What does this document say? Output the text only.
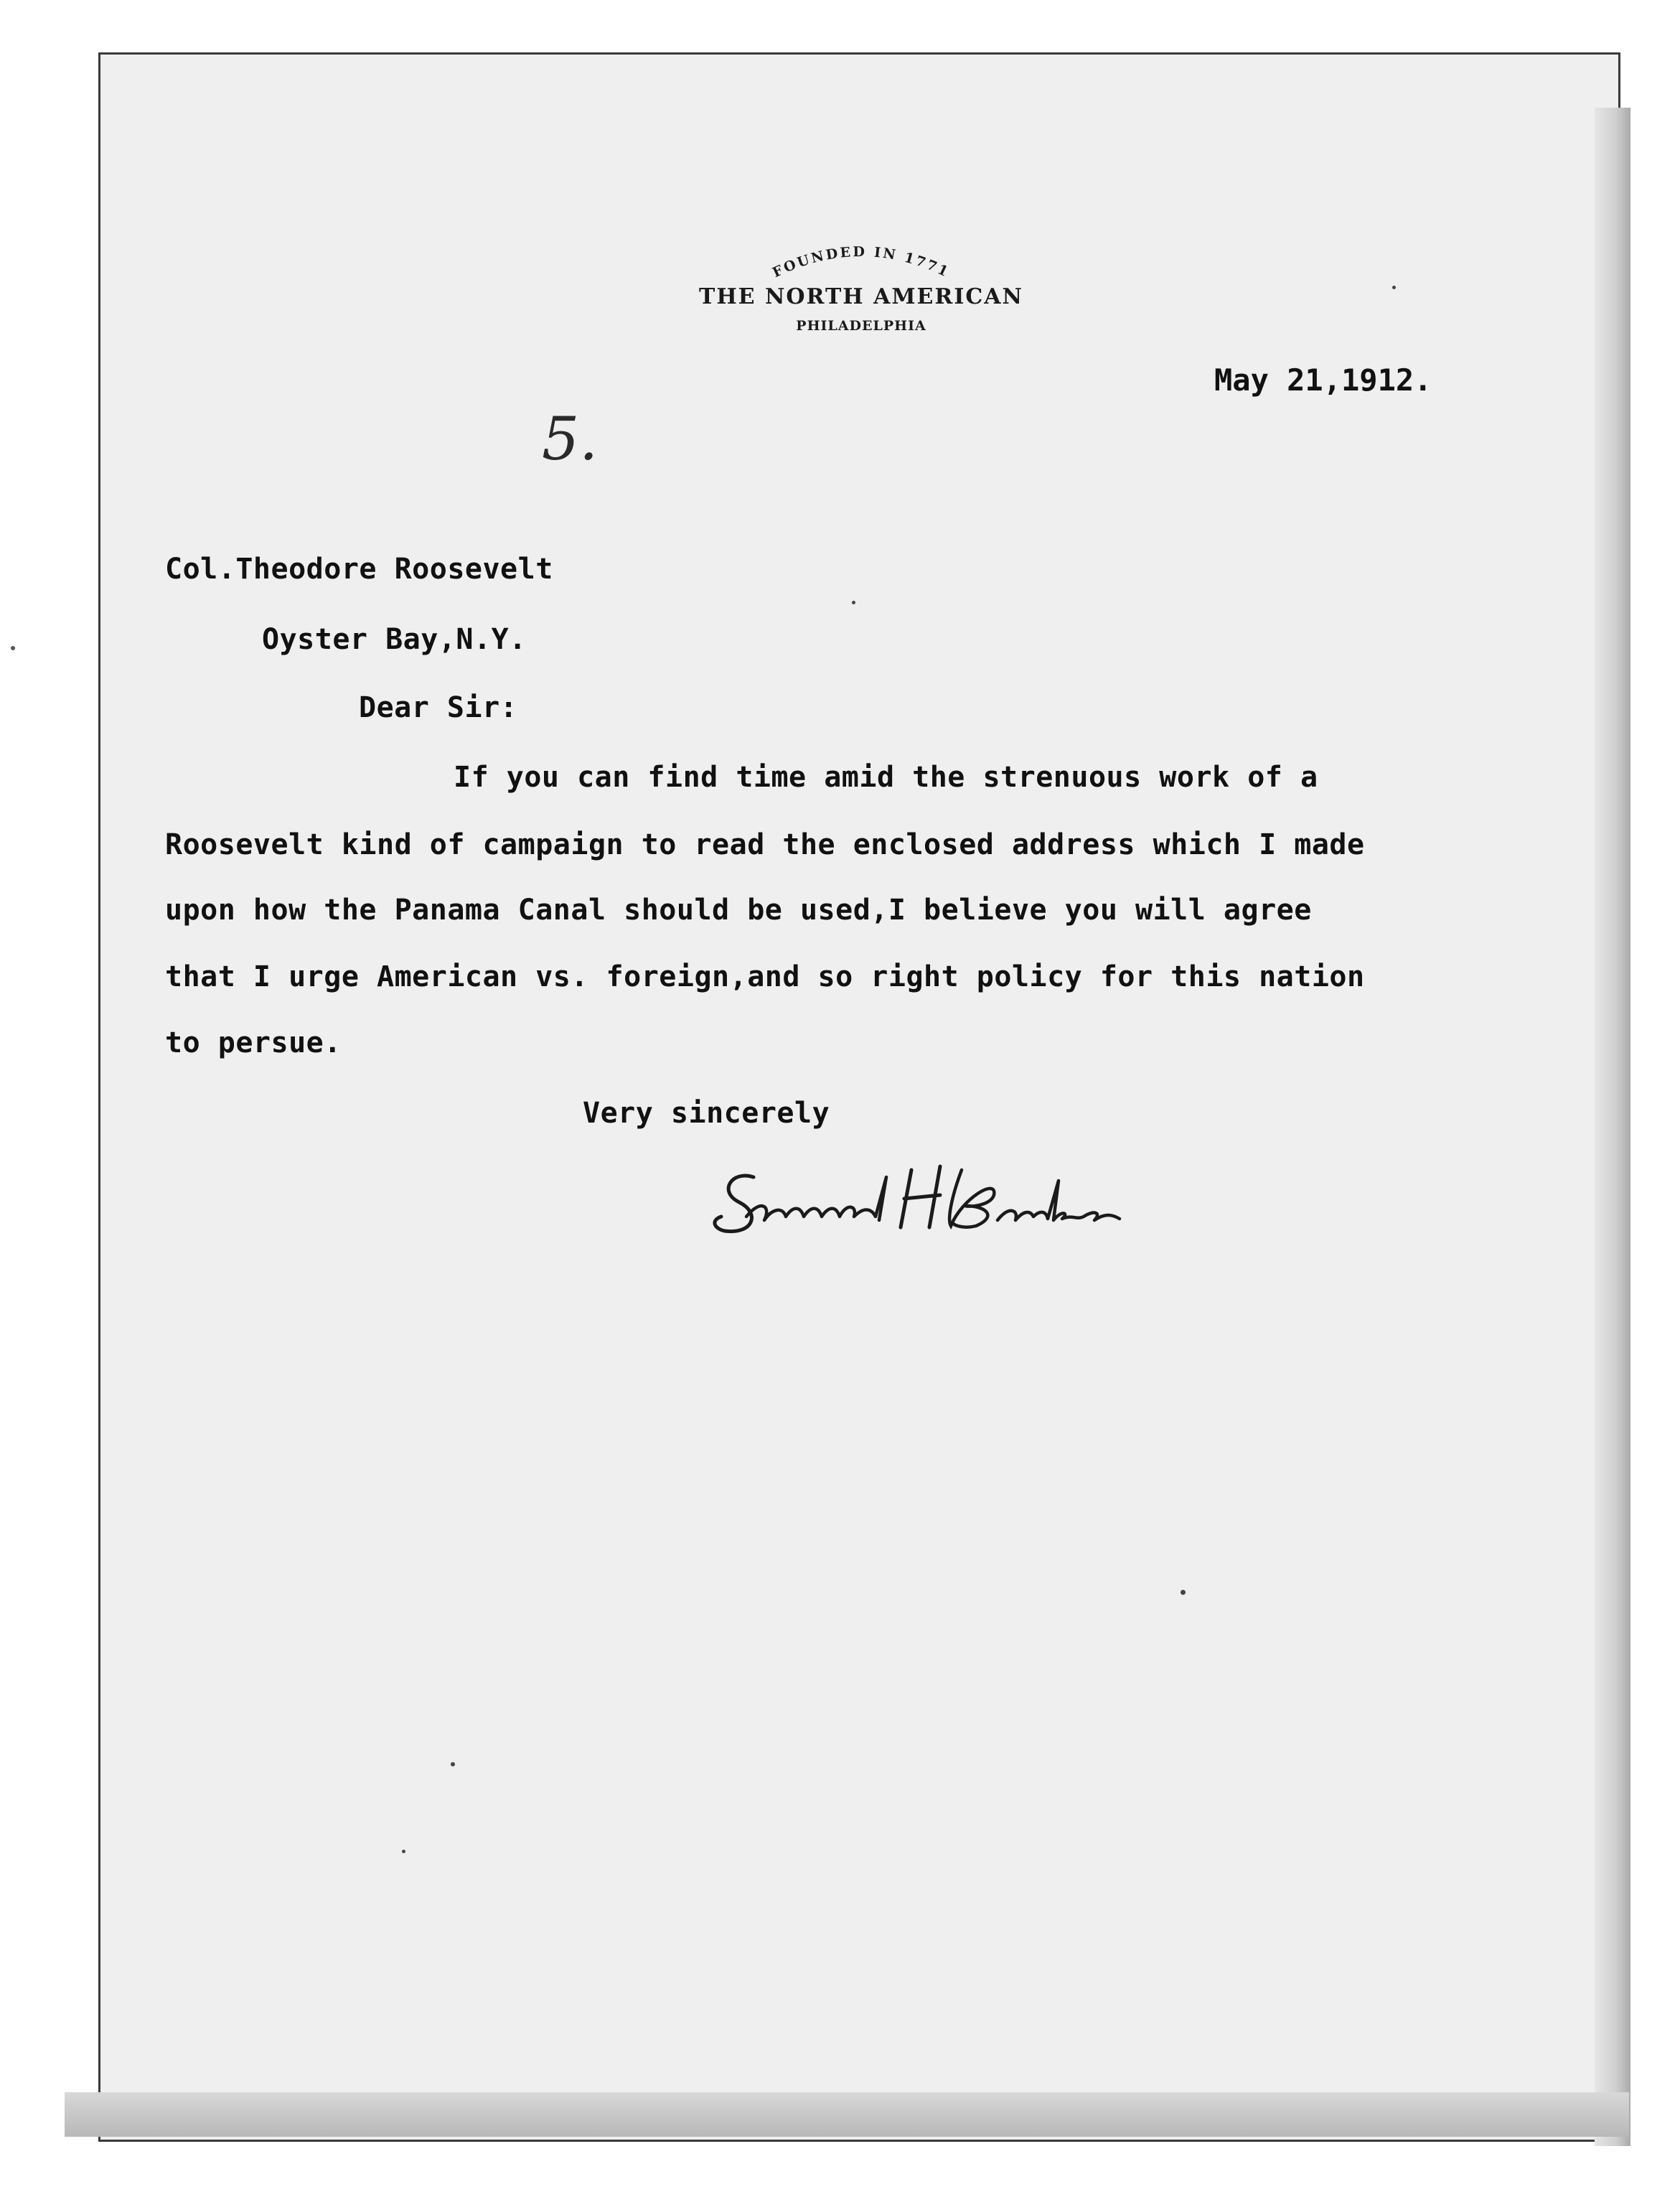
FOUNDED IN 1771
THE NORTH AMERICAN
PHILADELPHIA
May 21,1912.
5.
Col.Theodore Roosevelt
Oyster Bay,N.Y.
Dear Sir:
If you can find time amid the strenuous work of a
Roosevelt kind of campaign to read the enclosed address which I made
upon how the Panama Canal should be used,I believe you will agree
that I urge American vs. foreign,and so right policy for this nation
to persue.
Very sincerely
